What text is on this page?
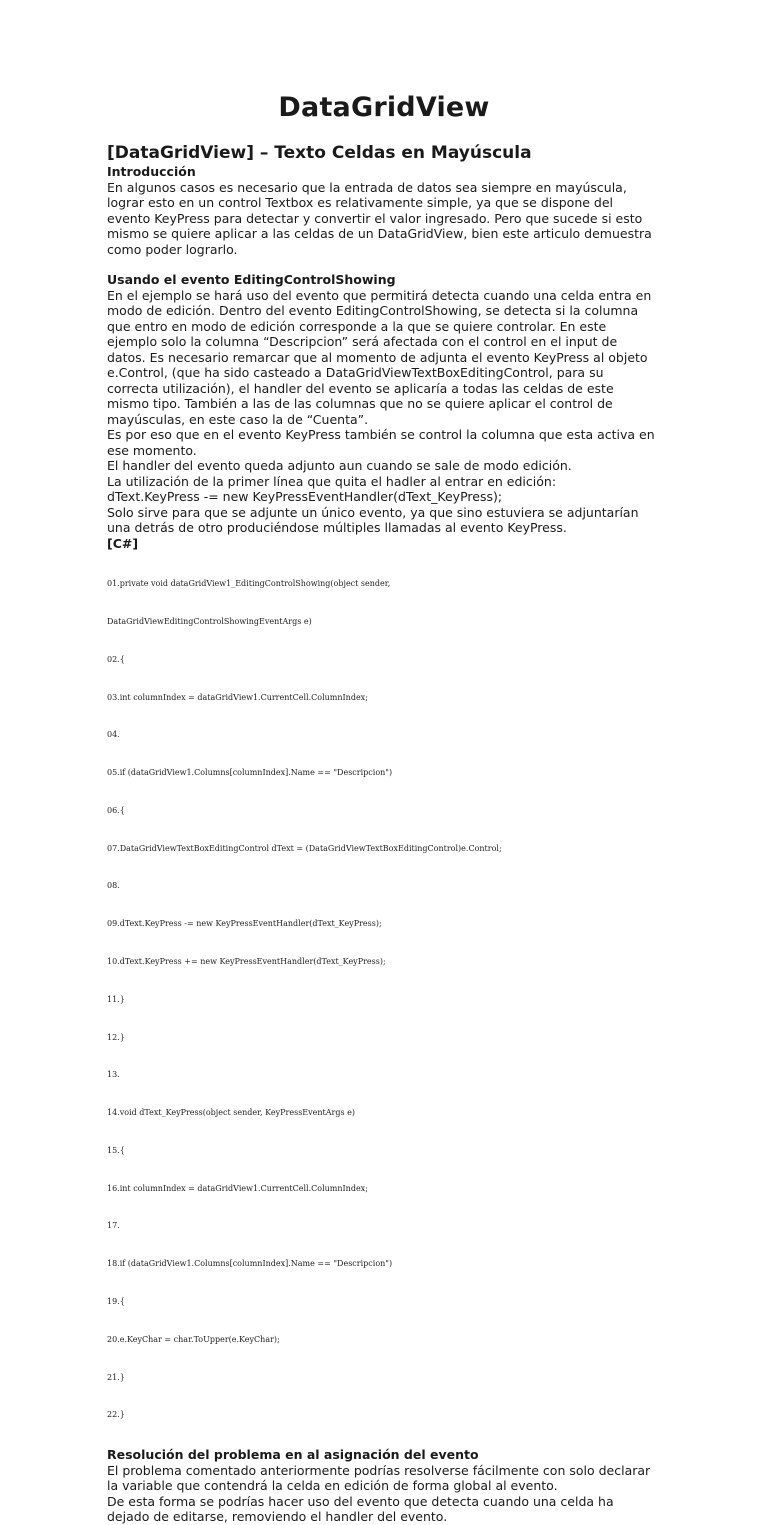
DataGridView
[DataGridView] – Texto Celdas en Mayúscula
Introducción
En algunos casos es necesario que la entrada de datos sea siempre en mayúscula,
lograr esto en un control Textbox es relativamente simple, ya que se dispone del
evento KeyPress para detectar y convertir el valor ingresado. Pero que sucede si esto
mismo se quiere aplicar a las celdas de un DataGridView, bien este articulo demuestra
como poder lograrlo.
Usando el evento EditingControlShowing
En el ejemplo se hará uso del evento que permitirá detecta cuando una celda entra en
modo de edición. Dentro del evento EditingControlShowing, se detecta si la columna
que entro en modo de edición corresponde a la que se quiere controlar. En este
ejemplo solo la columna “Descripcion” será afectada con el control en el input de
datos. Es necesario remarcar que al momento de adjunta el evento KeyPress al objeto
e.Control, (que ha sido casteado a DataGridViewTextBoxEditingControl, para su
correcta utilización), el handler del evento se aplicaría a todas las celdas de este
mismo tipo. También a las de las columnas que no se quiere aplicar el control de
mayúsculas, en este caso la de “Cuenta”.
Es por eso que en el evento KeyPress también se control la columna que esta activa en
ese momento.
El handler del evento queda adjunto aun cuando se sale de modo edición.
La utilización de la primer línea que quita el hadler al entrar en edición:
dText.KeyPress -= new KeyPressEventHandler(dText_KeyPress);
Solo sirve para que se adjunte un único evento, ya que sino estuviera se adjuntarían
una detrás de otro produciéndose múltiples llamadas al evento KeyPress.
[C#]

01.private void dataGridView1_EditingControlShowing(object sender,

DataGridViewEditingControlShowingEventArgs e)

02.{

03.int columnIndex = dataGridView1.CurrentCell.ColumnIndex;

04.

05.if (dataGridView1.Columns[columnIndex].Name == "Descripcion")

06.{

07.DataGridViewTextBoxEditingControl dText = (DataGridViewTextBoxEditingControl)e.Control;

08.

09.dText.KeyPress -= new KeyPressEventHandler(dText_KeyPress);

10.dText.KeyPress += new KeyPressEventHandler(dText_KeyPress);

11.}

12.}

13.

14.void dText_KeyPress(object sender, KeyPressEventArgs e)

15.{

16.int columnIndex = dataGridView1.CurrentCell.ColumnIndex;

17.

18.if (dataGridView1.Columns[columnIndex].Name == "Descripcion")

19.{

20.e.KeyChar = char.ToUpper(e.KeyChar);

21.}

22.}

Resolución del problema en al asignación del evento
El problema comentado anteriormente podrías resolverse fácilmente con solo declarar
la variable que contendrá la celda en edición de forma global al evento.
De esta forma se podrías hacer uso del evento que detecta cuando una celda ha
dejado de editarse, removiendo el handler del evento.
